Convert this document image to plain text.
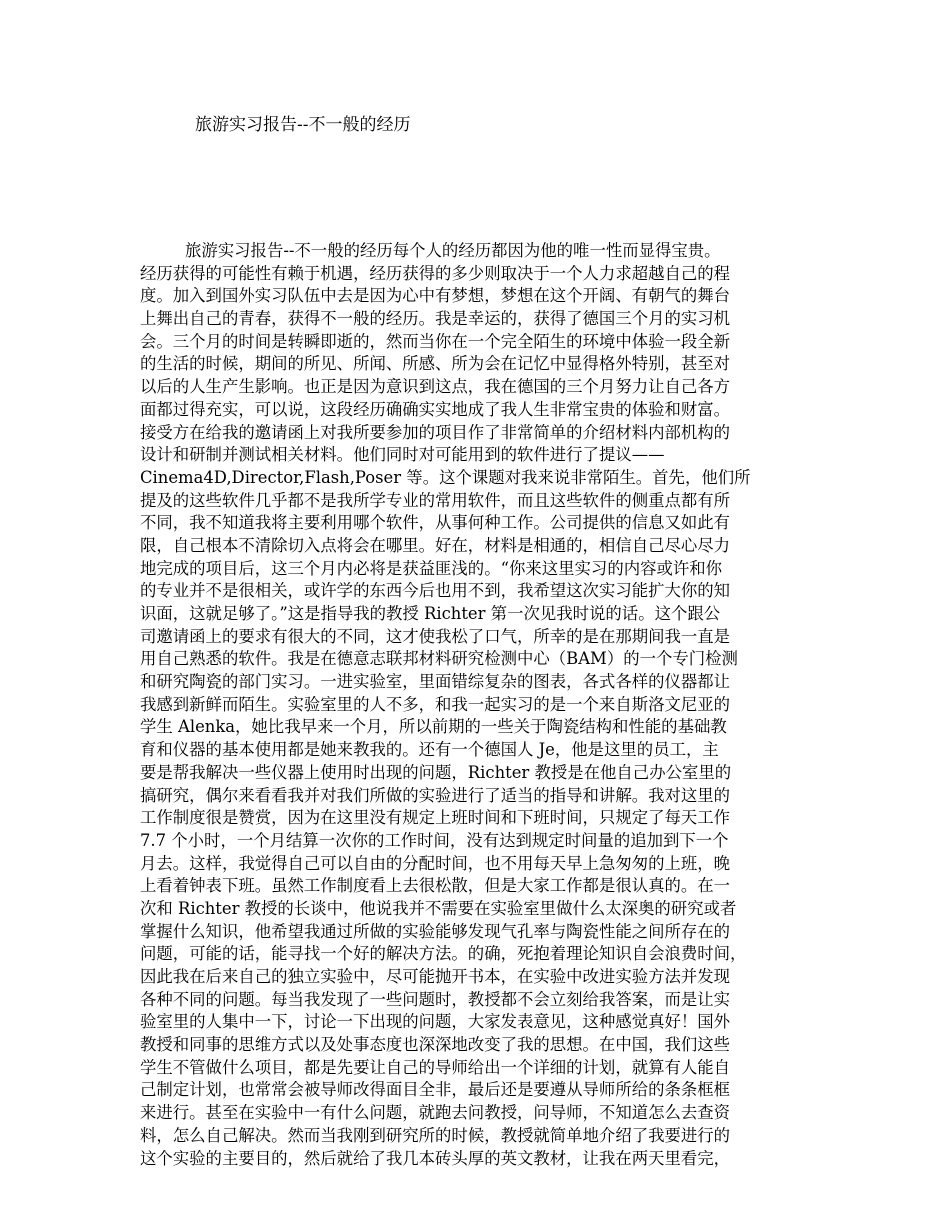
旅游实习报告--不一般的经历
旅游实习报告--不一般的经历每个人的经历都因为他的唯一性而显得宝贵。
经历获得的可能性有赖于机遇，经历获得的多少则取决于一个人力求超越自己的程
度。加入到国外实习队伍中去是因为心中有梦想，梦想在这个开阔、有朝气的舞台
上舞出自己的青春，获得不一般的经历。我是幸运的，获得了德国三个月的实习机
会。三个月的时间是转瞬即逝的，然而当你在一个完全陌生的环境中体验一段全新
的生活的时候，期间的所见、所闻、所感、所为会在记忆中显得格外特别，甚至对
以后的人生产生影响。也正是因为意识到这点，我在德国的三个月努力让自己各方
面都过得充实，可以说，这段经历确确实实地成了我人生非常宝贵的体验和财富。
接受方在给我的邀请函上对我所要参加的项目作了非常简单的介绍材料内部机构的
设计和研制并测试相关材料。他们同时对可能用到的软件进行了提议——
Cinema4D,Director,Flash,Poser 等。这个课题对我来说非常陌生。首先，他们所
提及的这些软件几乎都不是我所学专业的常用软件，而且这些软件的侧重点都有所
不同，我不知道我将主要利用哪个软件，从事何种工作。公司提供的信息又如此有
限，自己根本不清除切入点将会在哪里。好在，材料是相通的，相信自己尽心尽力
地完成的项目后，这三个月内必将是获益匪浅的。“你来这里实习的内容或许和你
的专业并不是很相关，或许学的东西今后也用不到，我希望这次实习能扩大你的知
识面，这就足够了。”这是指导我的教授 Richter 第一次见我时说的话。这个跟公
司邀请函上的要求有很大的不同，这才使我松了口气，所幸的是在那期间我一直是
用自己熟悉的软件。我是在德意志联邦材料研究检测中心（BAM）的一个专门检测
和研究陶瓷的部门实习。一进实验室，里面错综复杂的图表，各式各样的仪器都让
我感到新鲜而陌生。实验室里的人不多，和我一起实习的是一个来自斯洛文尼亚的
学生 Alenka，她比我早来一个月，所以前期的一些关于陶瓷结构和性能的基础教
育和仪器的基本使用都是她来教我的。还有一个德国人 Je，他是这里的员工，主
要是帮我解决一些仪器上使用时出现的问题，Richter 教授是在他自己办公室里的
搞研究，偶尔来看看我并对我们所做的实验进行了适当的指导和讲解。我对这里的
工作制度很是赞赏，因为在这里没有规定上班时间和下班时间，只规定了每天工作
7.7 个小时，一个月结算一次你的工作时间，没有达到规定时间量的追加到下一个
月去。这样，我觉得自己可以自由的分配时间，也不用每天早上急匆匆的上班，晚
上看着钟表下班。虽然工作制度看上去很松散，但是大家工作都是很认真的。在一
次和 Richter 教授的长谈中，他说我并不需要在实验室里做什么太深奥的研究或者
掌握什么知识，他希望我通过所做的实验能够发现气孔率与陶瓷性能之间所存在的
问题，可能的话，能寻找一个好的解决方法。的确，死抱着理论知识自会浪费时间，
因此我在后来自己的独立实验中，尽可能抛开书本，在实验中改进实验方法并发现
各种不同的问题。每当我发现了一些问题时，教授都不会立刻给我答案，而是让实
验室里的人集中一下，讨论一下出现的问题，大家发表意见，这种感觉真好！国外
教授和同事的思维方式以及处事态度也深深地改变了我的思想。在中国，我们这些
学生不管做什么项目，都是先要让自己的导师给出一个详细的计划，就算有人能自
己制定计划，也常常会被导师改得面目全非，最后还是要遵从导师所给的条条框框
来进行。甚至在实验中一有什么问题，就跑去问教授，问导师，不知道怎么去查资
料，怎么自己解决。然而当我刚到研究所的时候，教授就简单地介绍了我要进行的
这个实验的主要目的，然后就给了我几本砖头厚的英文教材，让我在两天里看完，
